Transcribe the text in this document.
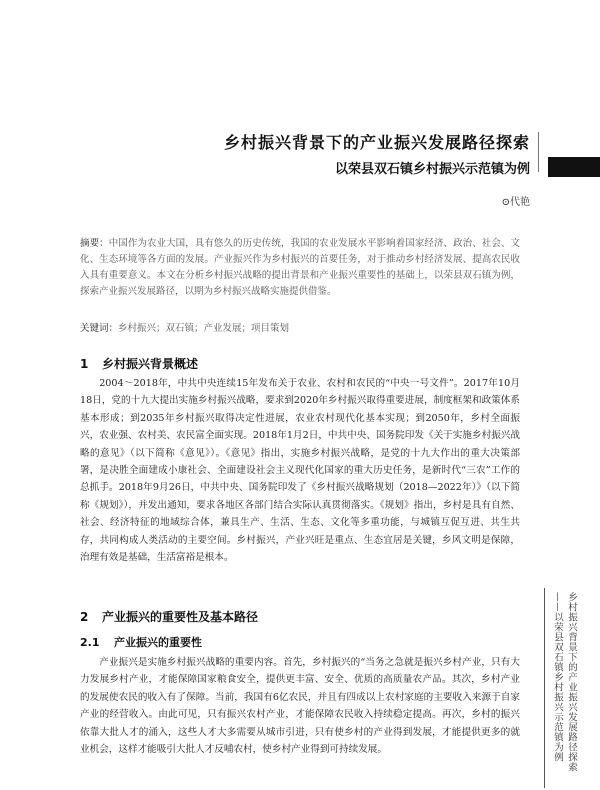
乡村振兴背景下的产业振兴发展路径探索
以荣县双石镇乡村振兴示范镇为例
⊙代艳
摘要：中国作为农业大国，具有悠久的历史传统，我国的农业发展水平影响着国家经济、政治、社会、文化、生态环境等各方面的发展。产业振兴作为乡村振兴的首要任务，对于推动乡村经济发展、提高农民收入具有重要意义。本文在分析乡村振兴战略的提出背景和产业振兴重要性的基础上，以荣县双石镇为例，探索产业振兴发展路径，以期为乡村振兴战略实施提供借鉴。
关键词：乡村振兴；双石镇；产业发展；项目策划
1 乡村振兴背景概述

2004～2018年，中共中央连续15年发布关于农业、农村和农民的“中央一号文件”。2017年10月18日，党的十九大提出实施乡村振兴战略，要求到2020年乡村振兴取得重要进展，制度框架和政策体系基本形成；到2035年乡村振兴取得决定性进展，农业农村现代化基本实现；到2050年，乡村全面振兴，农业强、农村美、农民富全面实现。2018年1月2日，中共中央、国务院印发《关于实施乡村振兴战略的意见》（以下简称《意见》）。《意见》指出，实施乡村振兴战略，是党的十九大作出的重大决策部署，是决胜全面建成小康社会、全面建设社会主义现代化国家的重大历史任务，是新时代“三农”工作的总抓手。2018年9月26日，中共中央、国务院印发了《乡村振兴战略规划（2018—2022年）》（以下简称《规划》），并发出通知，要求各地区各部门结合实际认真贯彻落实。《规划》指出，乡村是具有自然、社会、经济特征的地域综合体，兼具生产、生活、生态、文化等多重功能，与城镇互促互进、共生共存，共同构成人类活动的主要空间。乡村振兴，产业兴旺是重点、生态宜居是关键，乡风文明是保障，治理有效是基础，生活富裕是根本。

2 产业振兴的重要性及基本路径
2.1 产业振兴的重要性

产业振兴是实施乡村振兴战略的重要内容。首先，乡村振兴的“当务之急就是振兴乡村产业，只有大力发展乡村产业，才能保障国家粮食安全，提供更丰富、安全、优质的高质量农产品。其次，乡村产业的发展使农民的收入有了保障。当前，我国有6亿农民，并且有四成以上农村家庭的主要收入来源于自家产业的经营收入。由此可见，只有振兴农村产业，才能保障农民收入持续稳定提高。再次，乡村的振兴依靠大批人才的涌入，这些人才大多需要从城市引进，只有使乡村的产业得到发展，才能提供更多的就业机会，这样才能吸引大批人才反哺农村，使乡村产业得到可持续发展。	乡村振兴背景下的产业振兴发展路径探索——以荣县双石镇乡村振兴示范镇为例
